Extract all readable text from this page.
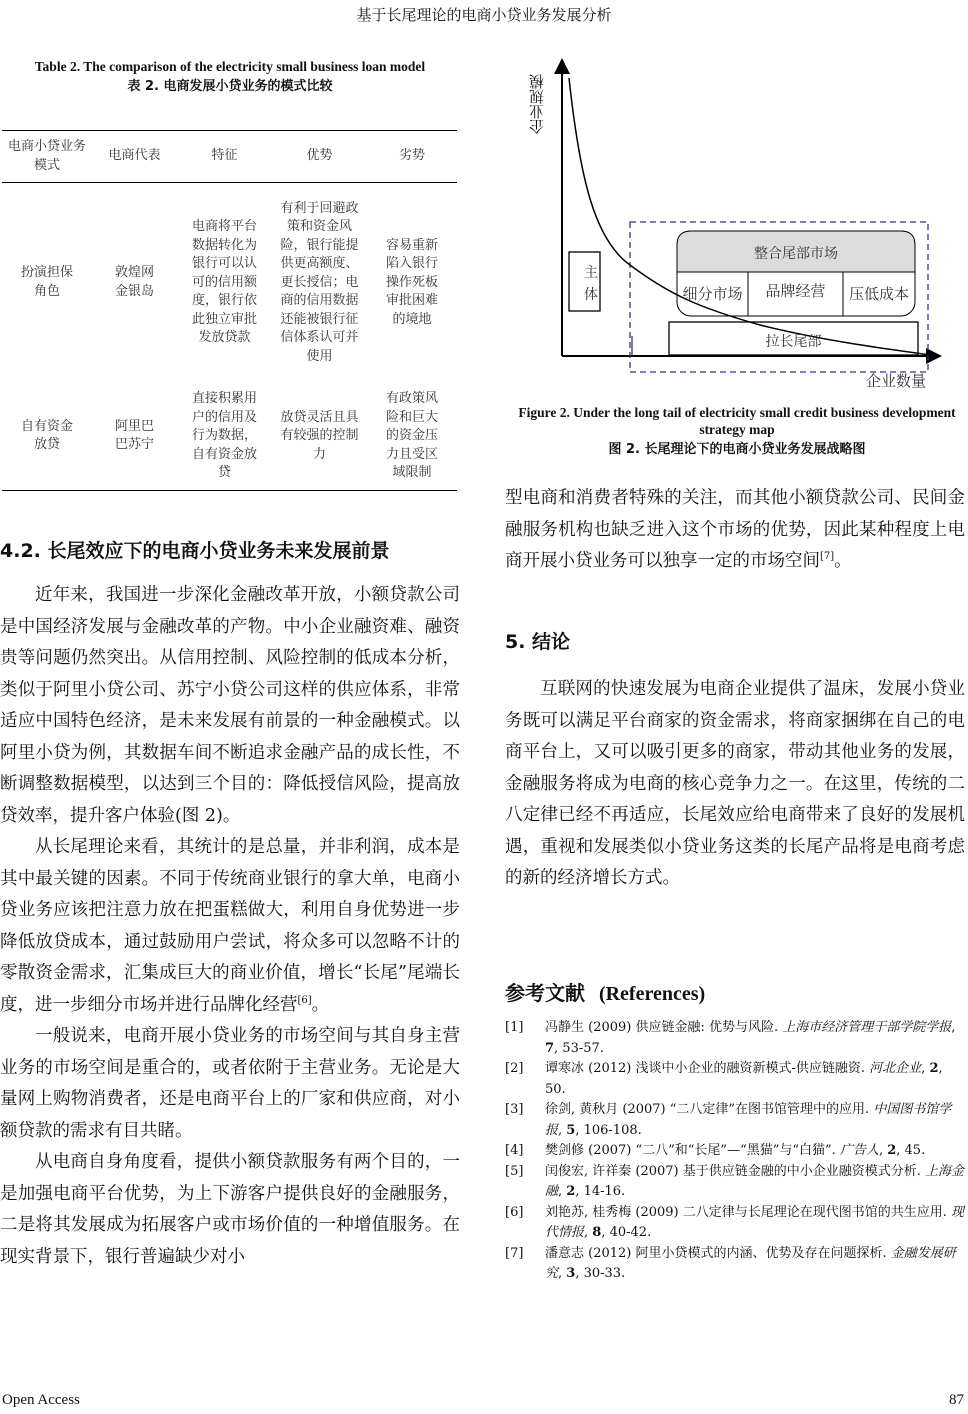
基于长尾理论的电商小贷业务发展分析
Table 2. The comparison of the electricity small business loan model
表 2. 电商发展小贷业务的模式比较
电商小贷业务模式	电商代表	特征	优势	劣势
扮演担保角色	敦煌网金银岛	电商将平台数据转化为银行可以认可的信用额度，银行依此独立审批发放贷款	有利于回避政策和资金风险，银行能提供更高额度、更长授信；电商的信用数据还能被银行征信体系认可并使用	容易重新陷入银行操作死板审批困难的境地
自有资金放贷	阿里巴巴苏宁	直接积累用户的信用及行为数据，自有资金放贷	放贷灵活且具有较强的控制力	有政策风险和巨大的资金压力且受区域限制
4.2. 长尾效应下的电商小贷业务未来发展前景

近年来，我国进一步深化金融改革开放，小额贷款公司是中国经济发展与金融改革的产物。中小企业融资难、融资贵等问题仍然突出。从信用控制、风险控制的低成本分析，类似于阿里小贷公司、苏宁小贷公司这样的供应体系，非常适应中国特色经济，是未来发展有前景的一种金融模式。以阿里小贷为例，其数据车间不断追求金融产品的成长性，不断调整数据模型，以达到三个目的：降低授信风险，提高放贷效率，提升客户体验(图 2)。

从长尾理论来看，其统计的是总量，并非利润，成本是其中最关键的因素。不同于传统商业银行的拿大单，电商小贷业务应该把注意力放在把蛋糕做大，利用自身优势进一步降低放贷成本，通过鼓励用户尝试，将众多可以忽略不计的零散资金需求，汇集成巨大的商业价值，增长“长尾”尾端长度，进一步细分市场并进行品牌化经营[6]。

一般说来，电商开展小贷业务的市场空间与其自身主营业务的市场空间是重合的，或者依附于主营业务。无论是大量网上购物消费者，还是电商平台上的厂家和供应商，对小额贷款的需求有目共睹。

从电商自身角度看，提供小额贷款服务有两个目的，一是加强电商平台优势，为上下游客户提供良好的金融服务，二是将其发展成为拓展客户或市场价值的一种增值服务。在现实背景下，银行普遍缺少对小

企业规模
主体
整合尾部市场
细分市场	品牌经营	压低成本
拉长尾部
企业数量
Figure 2. Under the long tail of electricity small credit business development strategy map
图 2. 长尾理论下的电商小贷业务发展战略图
型电商和消费者特殊的关注，而其他小额贷款公司、民间金融服务机构也缺乏进入这个市场的优势，因此某种程度上电商开展小贷业务可以独享一定的市场空间[7]。
5. 结论

互联网的快速发展为电商企业提供了温床，发展小贷业务既可以满足平台商家的资金需求，将商家捆绑在自己的电商平台上，又可以吸引更多的商家，带动其他业务的发展，金融服务将成为电商的核心竞争力之一。在这里，传统的二八定律已经不再适应，长尾效应给电商带来了良好的发展机遇，重视和发展类似小贷业务这类的长尾产品将是电商考虑的新的经济增长方式。

参考文献 (References)
[1]	冯静生 (2009) 供应链金融: 优势与风险. 上海市经济管理干部学院学报, 7, 53-57.
[2]	谭寒冰 (2012) 浅谈中小企业的融资新模式-供应链融资. 河北企业, 2, 50.
[3]	徐剑, 黄秋月 (2007) “二八定律”在图书馆管理中的应用. 中国图书馆学报, 5, 106-108.
[4]	樊剑修 (2007) “二八”和“长尾”—“黑猫”与“白猫”. 广告人, 2, 45.
[5]	闰俊宏, 许祥秦 (2007) 基于供应链金融的中小企业融资模式分析. 上海金融, 2, 14-16.
[6]	刘艳苏, 桂秀梅 (2009) 二八定律与长尾理论在现代图书馆的共生应用. 现代情报, 8, 40-42.
[7]	潘意志 (2012) 阿里小贷模式的内涵、优势及存在问题探析. 金融发展研究, 3, 30-33.
Open Access	87
